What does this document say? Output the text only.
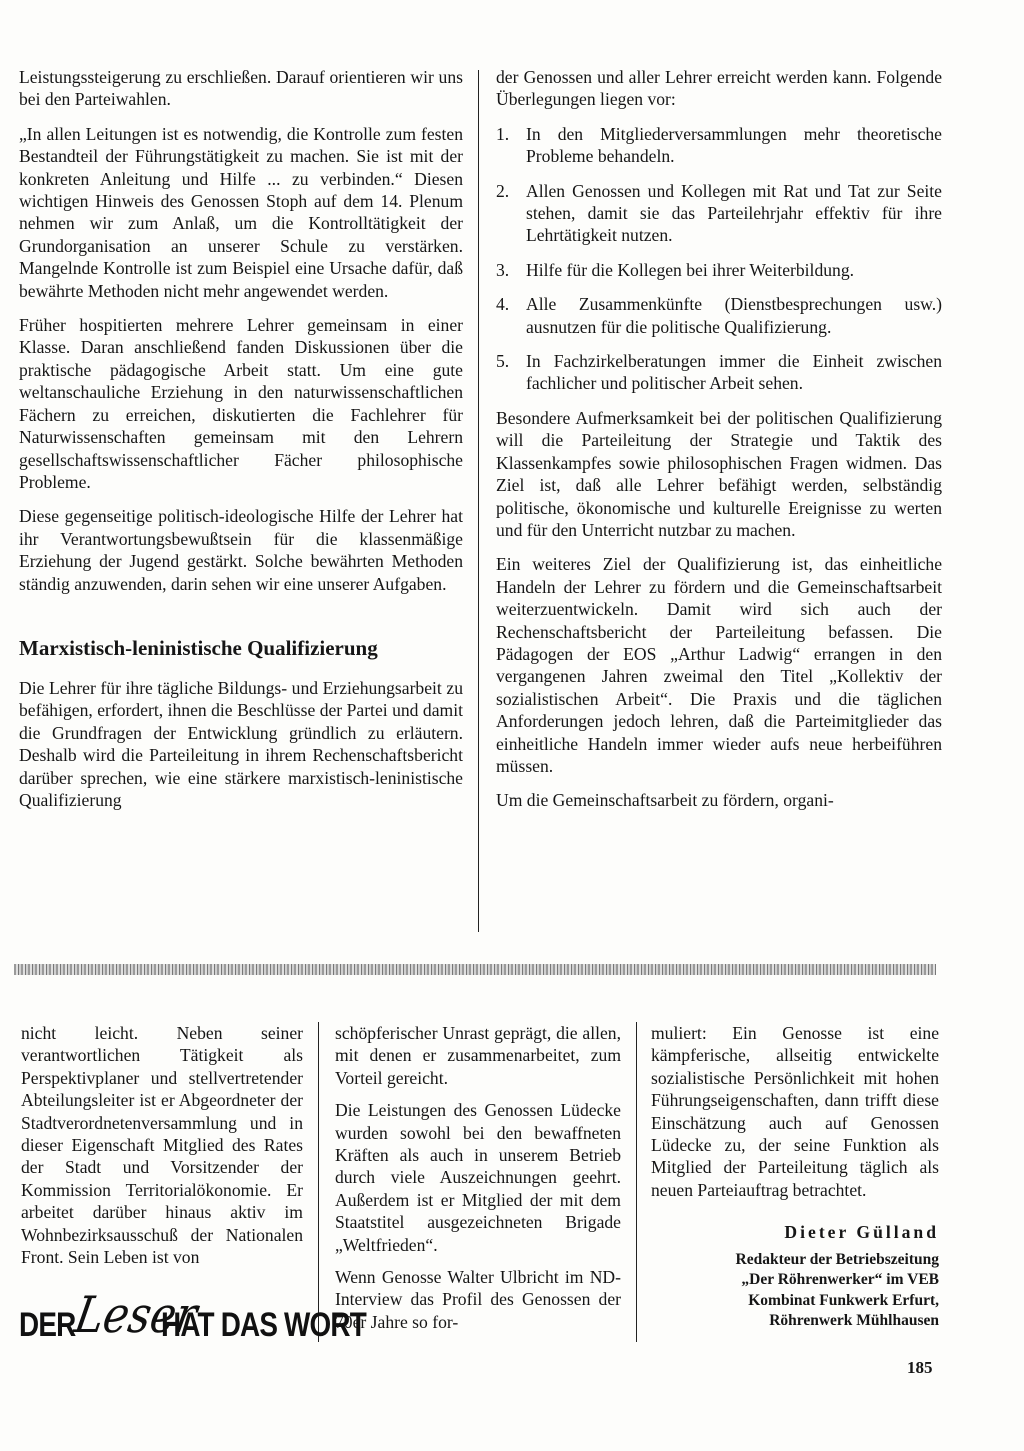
Leistungssteigerung zu erschließen. Darauf orientieren wir uns bei den Parteiwahlen.

„In allen Leitungen ist es notwendig, die Kontrolle zum festen Bestandteil der Führungstätigkeit zu machen. Sie ist mit der konkreten Anleitung und Hilfe ... zu verbinden.“ Diesen wichtigen Hinweis des Genossen Stoph auf dem 14. Plenum nehmen wir zum Anlaß, um die Kontrolltätigkeit der Grundorganisation an unserer Schule zu verstärken. Mangelnde Kontrolle ist zum Beispiel eine Ursache dafür, daß bewährte Methoden nicht mehr angewendet werden.

Früher hospitierten mehrere Lehrer gemeinsam in einer Klasse. Daran anschließend fanden Diskussionen über die praktische pädagogische Arbeit statt. Um eine gute weltanschauliche Erziehung in den naturwissenschaftlichen Fächern zu erreichen, diskutierten die Fachlehrer für Naturwissenschaften gemeinsam mit den Lehrern gesellschaftswissenschaftlicher Fächer philosophische Probleme.

Diese gegenseitige politisch-ideologische Hilfe der Lehrer hat ihr Verantwortungsbewußtsein für die klassenmäßige Erziehung der Jugend gestärkt. Solche bewährten Methoden ständig anzuwenden, darin sehen wir eine unserer Aufgaben.

Marxistisch-leninistische Qualifizierung

Die Lehrer für ihre tägliche Bildungs- und Erziehungsarbeit zu befähigen, erfordert, ihnen die Beschlüsse der Partei und damit die Grundfragen der Entwicklung gründlich zu erläutern. Deshalb wird die Parteileitung in ihrem Rechenschaftsbericht darüber sprechen, wie eine stärkere marxistisch-leninistische Qualifizierung

der Genossen und aller Lehrer erreicht werden kann. Folgende Überlegungen liegen vor:

1. In den Mitgliederversammlungen mehr theoretische Probleme behandeln.
2. Allen Genossen und Kollegen mit Rat und Tat zur Seite stehen, damit sie das Parteilehrjahr effektiv für ihre Lehrtätigkeit nutzen.
3. Hilfe für die Kollegen bei ihrer Weiterbildung.
4. Alle Zusammenkünfte (Dienstbesprechungen usw.) ausnutzen für die politische Qualifizierung.
5. In Fachzirkelberatungen immer die Einheit zwischen fachlicher und politischer Arbeit sehen.

Besondere Aufmerksamkeit bei der politischen Qualifizierung will die Parteileitung der Strategie und Taktik des Klassenkampfes sowie philosophischen Fragen widmen. Das Ziel ist, daß alle Lehrer befähigt werden, selbständig politische, ökonomische und kulturelle Ereignisse zu werten und für den Unterricht nutzbar zu machen.

Ein weiteres Ziel der Qualifizierung ist, das einheitliche Handeln der Lehrer zu fördern und die Gemeinschaftsarbeit weiterzuentwickeln. Damit wird sich auch der Rechenschaftsbericht der Parteileitung befassen. Die Pädagogen der EOS „Arthur Ladwig“ errangen in den vergangenen Jahren zweimal den Titel „Kollektiv der sozialistischen Arbeit“. Die Praxis und die täglichen Anforderungen jedoch lehren, daß die Parteimitglieder das einheitliche Handeln immer wieder aufs neue herbeiführen müssen.

Um die Gemeinschaftsarbeit zu fördern, organi-

nicht leicht. Neben seiner verantwortlichen Tätigkeit als Perspektivplaner und stellvertretender Abteilungsleiter ist er Abgeordneter der Stadtverordnetenversammlung und in dieser Eigenschaft Mitglied des Rates der Stadt und Vorsitzender der Kommission Territorialökonomie. Er arbeitet darüber hinaus aktiv im Wohnbezirksausschuß der Nationalen Front. Sein Leben ist von

schöpferischer Unrast geprägt, die allen, mit denen er zusammenarbeitet, zum Vorteil gereicht.

Die Leistungen des Genossen Lüdecke wurden sowohl bei den bewaffneten Kräften als auch in unserem Betrieb durch viele Auszeichnungen geehrt. Außerdem ist er Mitglied der mit dem Staatstitel ausgezeichneten Brigade „Weltfrieden“.

Wenn Genosse Walter Ulbricht im ND-Interview das Profil des Genossen der 70er Jahre so for-

muliert: Ein Genosse ist eine kämpferische, allseitig entwickelte sozialistische Persönlichkeit mit hohen Führungseigenschaften, dann trifft diese Einschätzung auch auf Genossen Lüdecke zu, der seine Funktion als Mitglied der Parteileitung täglich als neuen Parteiauftrag betrachtet.

Dieter Gülland

Redakteur der Betriebszeitung

„Der Röhrenwerker“ im VEB

Kombinat Funkwerk Erfurt,

Röhrenwerk Mühlhausen

DER
Leser
HAT DAS WORT
185
